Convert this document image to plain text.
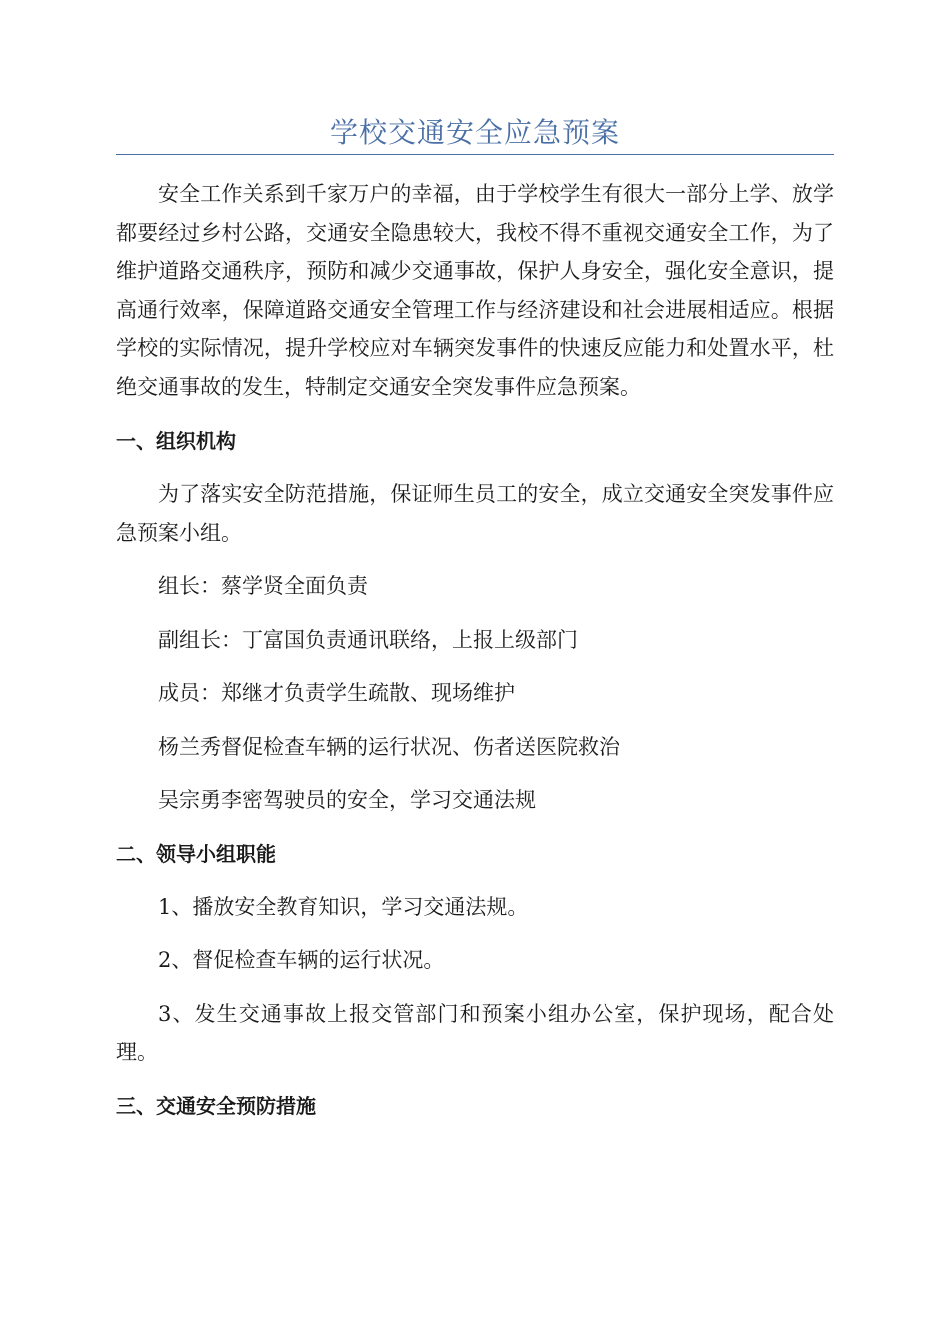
学校交通安全应急预案

安全工作关系到千家万户的幸福，由于学校学生有很大一部分上学、放学都要经过乡村公路，交通安全隐患较大，我校不得不重视交通安全工作，为了维护道路交通秩序，预防和减少交通事故，保护人身安全，强化安全意识，提高通行效率，保障道路交通安全管理工作与经济建设和社会进展相适应。根据学校的实际情况，提升学校应对车辆突发事件的快速反应能力和处置水平，杜绝交通事故的发生，特制定交通安全突发事件应急预案。

一、组织机构

为了落实安全防范措施，保证师生员工的安全，成立交通安全突发事件应急预案小组。

组长：蔡学贤全面负责

副组长：丁富国负责通讯联络，上报上级部门

成员：郑继才负责学生疏散、现场维护

杨兰秀督促检查车辆的运行状况、伤者送医院救治

吴宗勇李密驾驶员的安全，学习交通法规

二、领导小组职能

1、播放安全教育知识，学习交通法规。

2、督促检查车辆的运行状况。

3、发生交通事故上报交管部门和预案小组办公室，保护现场，配合处理。

三、交通安全预防措施
